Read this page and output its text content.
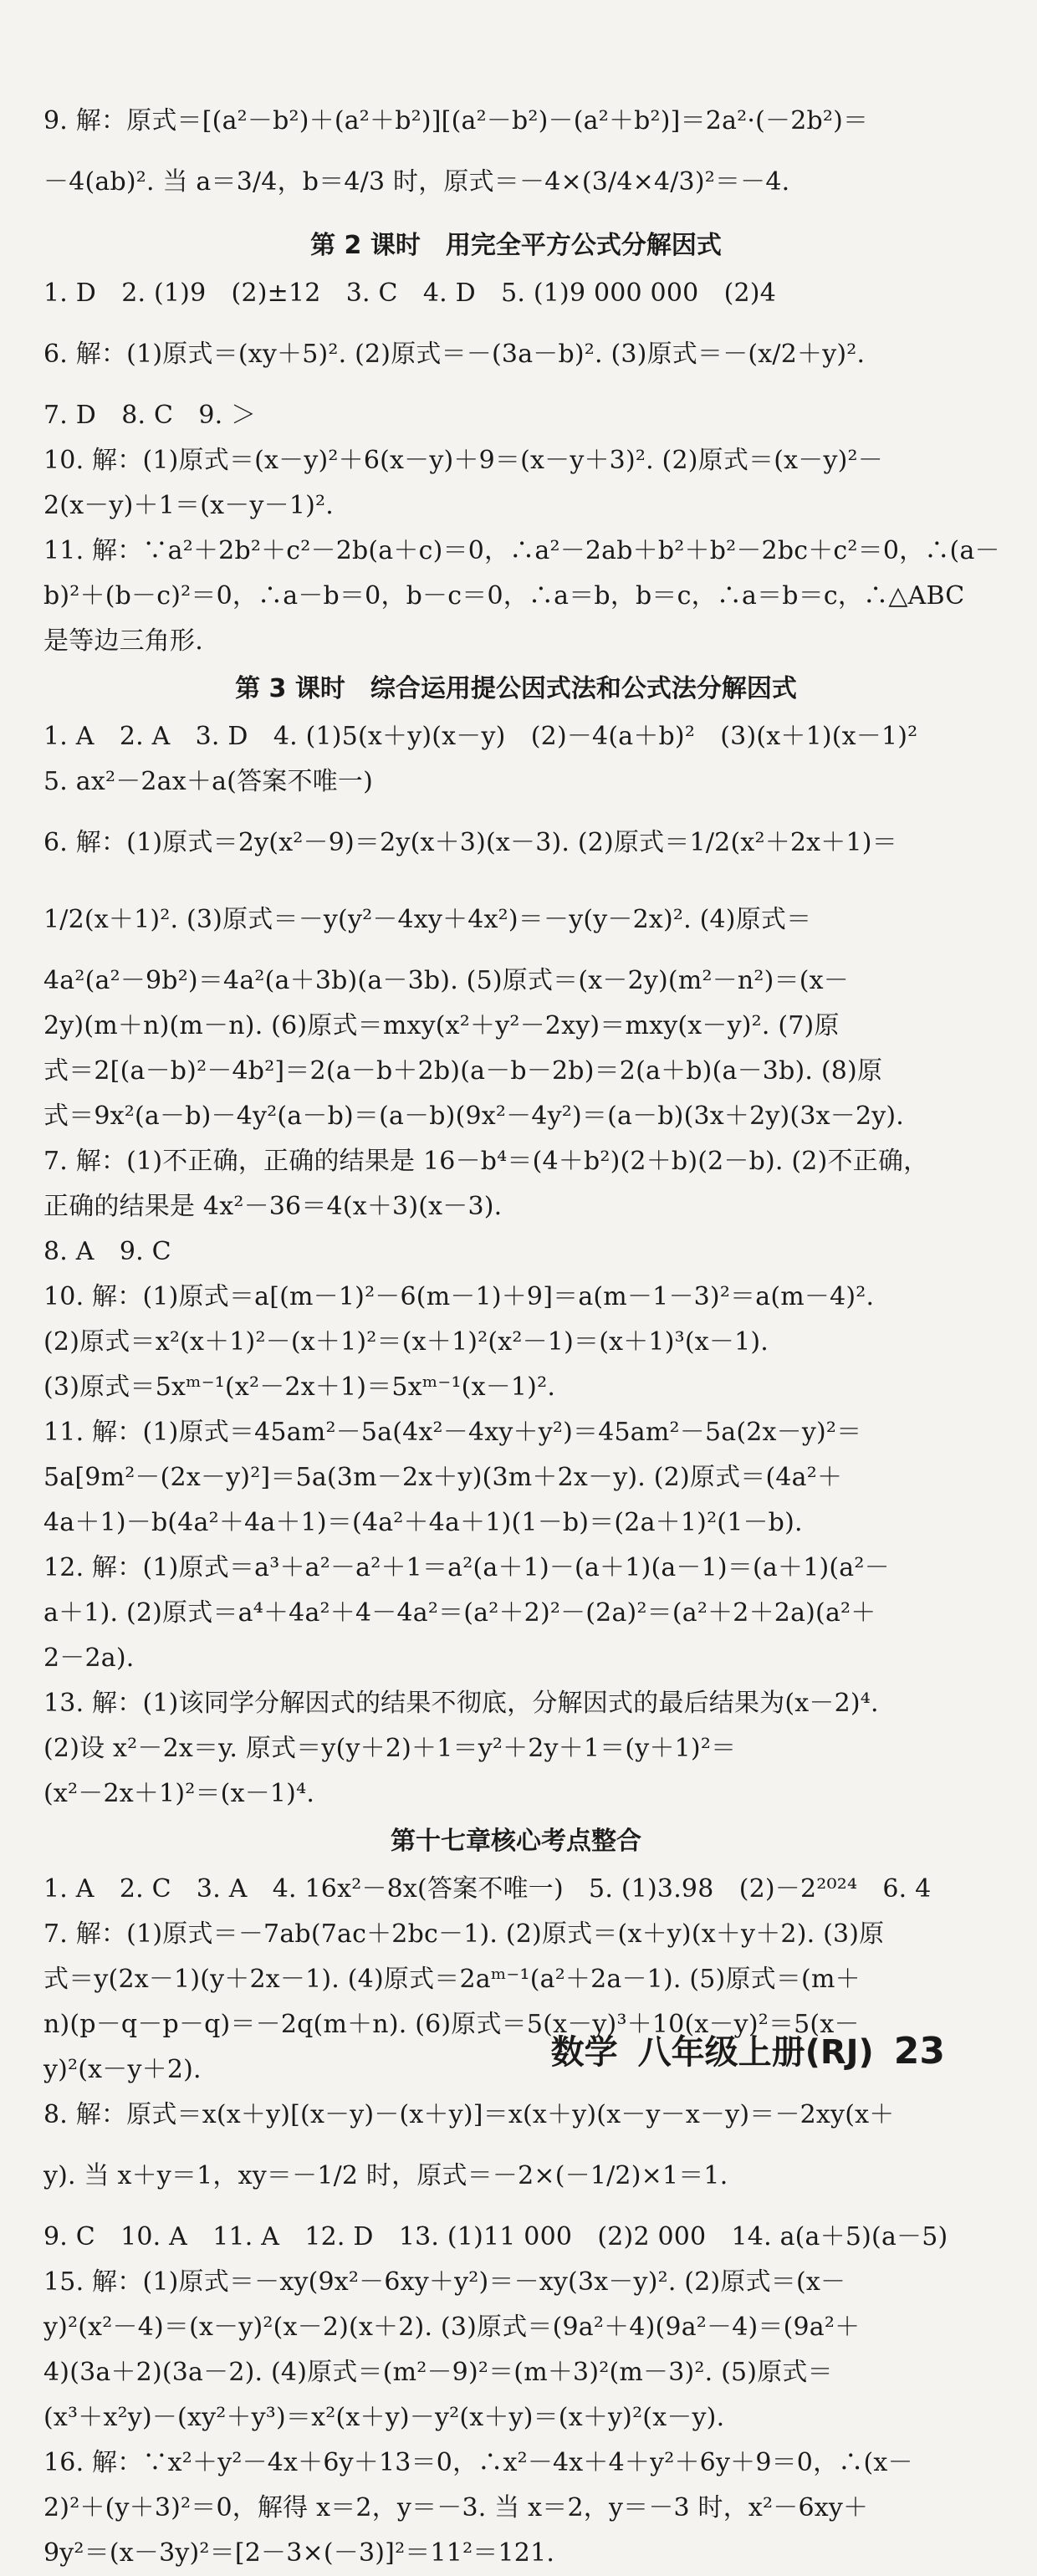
9. 解：原式＝[(a²－b²)＋(a²＋b²)][(a²－b²)－(a²＋b²)]＝2a²·(－2b²)＝
－4(ab)². 当 a＝3/4，b＝4/3 时，原式＝－4×(3/4×4/3)²＝－4.
第 2 课时　用完全平方公式分解因式
1. D　2. (1)9　(2)±12　3. C　4. D　5. (1)9 000 000　(2)4
6. 解：(1)原式＝(xy＋5)². (2)原式＝－(3a－b)². (3)原式＝－(x/2＋y)².
7. D　8. C　9. ＞
10. 解：(1)原式＝(x－y)²＋6(x－y)＋9＝(x－y＋3)². (2)原式＝(x－y)²－
2(x－y)＋1＝(x－y－1)².
11. 解：∵a²＋2b²＋c²－2b(a＋c)＝0，∴a²－2ab＋b²＋b²－2bc＋c²＝0，∴(a－
b)²＋(b－c)²＝0，∴a－b＝0，b－c＝0，∴a＝b，b＝c，∴a＝b＝c，∴△ABC
是等边三角形.
第 3 课时　综合运用提公因式法和公式法分解因式
1. A　2. A　3. D　4. (1)5(x＋y)(x－y)　(2)－4(a＋b)²　(3)(x＋1)(x－1)²
5. ax²－2ax＋a(答案不唯一)
6. 解：(1)原式＝2y(x²－9)＝2y(x＋3)(x－3). (2)原式＝1/2(x²＋2x＋1)＝
1/2(x＋1)². (3)原式＝－y(y²－4xy＋4x²)＝－y(y－2x)². (4)原式＝
4a²(a²－9b²)＝4a²(a＋3b)(a－3b). (5)原式＝(x－2y)(m²－n²)＝(x－
2y)(m＋n)(m－n). (6)原式＝mxy(x²＋y²－2xy)＝mxy(x－y)². (7)原
式＝2[(a－b)²－4b²]＝2(a－b＋2b)(a－b－2b)＝2(a＋b)(a－3b). (8)原
式＝9x²(a－b)－4y²(a－b)＝(a－b)(9x²－4y²)＝(a－b)(3x＋2y)(3x－2y).
7. 解：(1)不正确，正确的结果是 16－b⁴＝(4＋b²)(2＋b)(2－b). (2)不正确，
正确的结果是 4x²－36＝4(x＋3)(x－3).
8. A　9. C
10. 解：(1)原式＝a[(m－1)²－6(m－1)＋9]＝a(m－1－3)²＝a(m－4)².
(2)原式＝x²(x＋1)²－(x＋1)²＝(x＋1)²(x²－1)＝(x＋1)³(x－1).
(3)原式＝5xᵐ⁻¹(x²－2x＋1)＝5xᵐ⁻¹(x－1)².
11. 解：(1)原式＝45am²－5a(4x²－4xy＋y²)＝45am²－5a(2x－y)²＝
5a[9m²－(2x－y)²]＝5a(3m－2x＋y)(3m＋2x－y). (2)原式＝(4a²＋
4a＋1)－b(4a²＋4a＋1)＝(4a²＋4a＋1)(1－b)＝(2a＋1)²(1－b).
12. 解：(1)原式＝a³＋a²－a²＋1＝a²(a＋1)－(a＋1)(a－1)＝(a＋1)(a²－
a＋1). (2)原式＝a⁴＋4a²＋4－4a²＝(a²＋2)²－(2a)²＝(a²＋2＋2a)(a²＋
2－2a).
13. 解：(1)该同学分解因式的结果不彻底，分解因式的最后结果为(x－2)⁴.
(2)设 x²－2x＝y. 原式＝y(y＋2)＋1＝y²＋2y＋1＝(y＋1)²＝
(x²－2x＋1)²＝(x－1)⁴.
第十七章核心考点整合
1. A　2. C　3. A　4. 16x²－8x(答案不唯一)　5. (1)3.98　(2)－2²⁰²⁴　6. 4
7. 解：(1)原式＝－7ab(7ac＋2bc－1). (2)原式＝(x＋y)(x＋y＋2). (3)原
式＝y(2x－1)(y＋2x－1). (4)原式＝2aᵐ⁻¹(a²＋2a－1). (5)原式＝(m＋
n)(p－q－p－q)＝－2q(m＋n). (6)原式＝5(x－y)³＋10(x－y)²＝5(x－
y)²(x－y＋2).
8. 解：原式＝x(x＋y)[(x－y)－(x＋y)]＝x(x＋y)(x－y－x－y)＝－2xy(x＋
y). 当 x＋y＝1，xy＝－1/2 时，原式＝－2×(－1/2)×1＝1.
9. C　10. A　11. A　12. D　13. (1)11 000　(2)2 000　14. a(a＋5)(a－5)
15. 解：(1)原式＝－xy(9x²－6xy＋y²)＝－xy(3x－y)². (2)原式＝(x－
y)²(x²－4)＝(x－y)²(x－2)(x＋2). (3)原式＝(9a²＋4)(9a²－4)＝(9a²＋
4)(3a＋2)(3a－2). (4)原式＝(m²－9)²＝(m＋3)²(m－3)². (5)原式＝
(x³＋x²y)－(xy²＋y³)＝x²(x＋y)－y²(x＋y)＝(x＋y)²(x－y).
16. 解：∵x²＋y²－4x＋6y＋13＝0，∴x²－4x＋4＋y²＋6y＋9＝0，∴(x－
2)²＋(y＋3)²＝0，解得 x＝2，y＝－3. 当 x＝2，y＝－3 时，x²－6xy＋
9y²＝(x－3y)²＝[2－3×(－3)]²＝11²＝121.
数学 八年级上册(RJ) 23
